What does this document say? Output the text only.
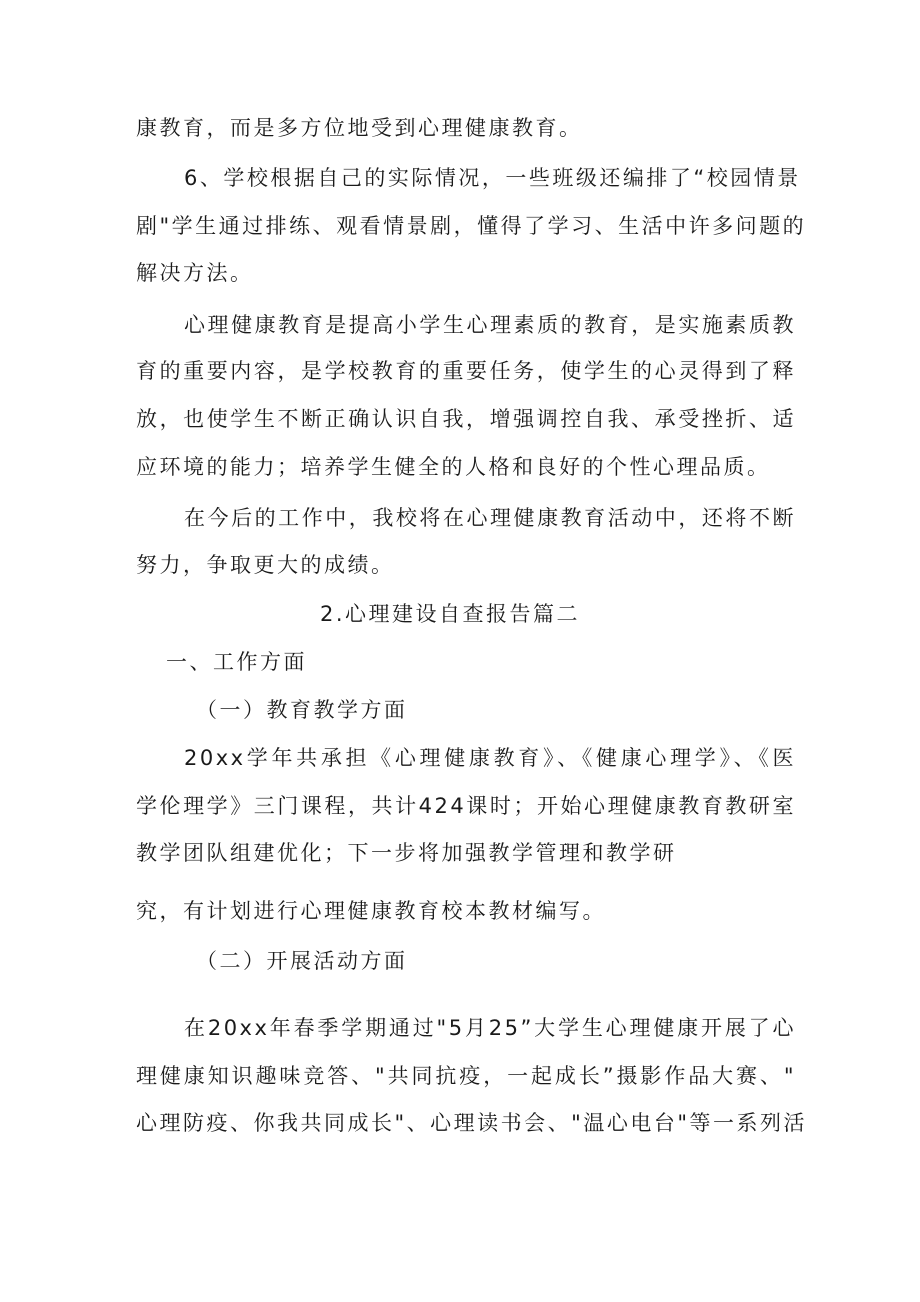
康教育，而是多方位地受到心理健康教育。
6、学校根据自己的实际情况，一些班级还编排了“校园情景
剧"学生通过排练、观看情景剧，懂得了学习、生活中许多问题的
解决方法。
心理健康教育是提高小学生心理素质的教育，是实施素质教
育的重要内容，是学校教育的重要任务，使学生的心灵得到了释
放，也使学生不断正确认识自我，增强调控自我、承受挫折、适
应环境的能力；培养学生健全的人格和良好的个性心理品质。
在今后的工作中，我校将在心理健康教育活动中，还将不断
努力，争取更大的成绩。
2.心理建设自查报告篇二
一、工作方面
（一）教育教学方面
20xx学年共承担《心理健康教育》、《健康心理学》、《医
学伦理学》三门课程，共计424课时；开始心理健康教育教研室
教学团队组建优化；下一步将加强教学管理和教学研
究，有计划进行心理健康教育校本教材编写。
（二）开展活动方面
在20xx年春季学期通过"5月25”大学生心理健康开展了心
理健康知识趣味竞答、"共同抗疫，一起成长”摄影作品大赛、"
心理防疫、你我共同成长"、心理读书会、"温心电台"等一系列活
